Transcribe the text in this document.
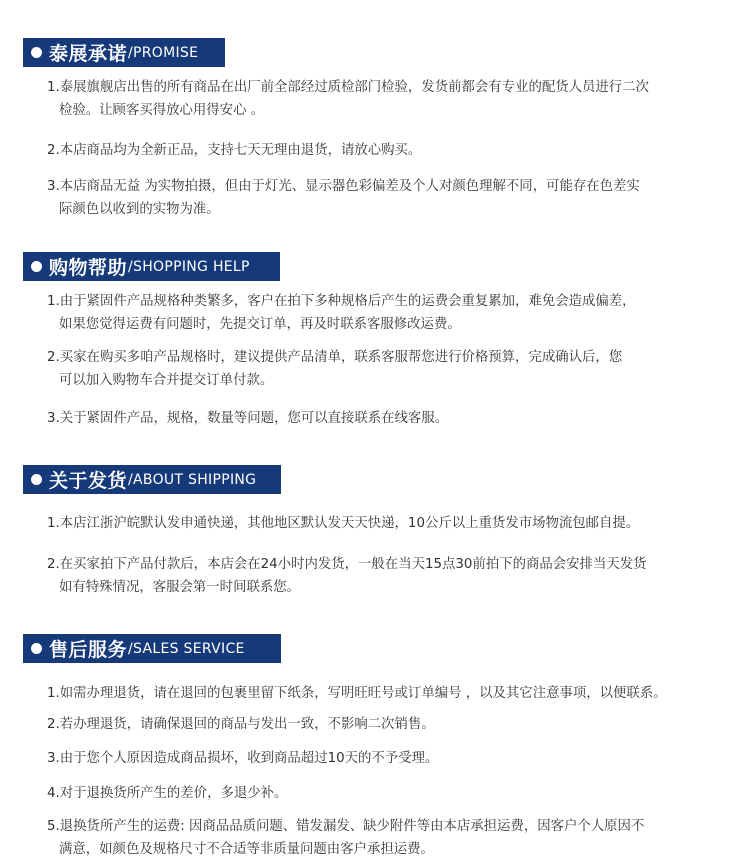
泰展承诺 /PROMISE
1.泰展旗舰店出售的所有商品在出厂前全部经过质检部门检验，发货前都会有专业的配货人员进行二次
检验。让顾客买得放心用得安心 。
2.本店商品均为全新正品，支持七天无理由退货，请放心购买。
3.本店商品无益 为实物拍摄，但由于灯光、显示器色彩偏差及个人对颜色理解不同，可能存在色差实
际颜色以收到的实物为准。
购物帮助 /SHOPPING HELP
1.由于紧固件产品规格种类繁多，客户在拍下多种规格后产生的运费会重复累加，难免会造成偏差，
如果您觉得运费有问题时，先提交订单，再及时联系客服修改运费。
2.买家在购买多咱产品规格时，建议提供产品清单，联系客服帮您进行价格预算，完成确认后，您
可以加入购物车合并提交订单付款。
3.关于紧固件产品，规格，数量等问题，您可以直接联系在线客服。
关于发货 /ABOUT SHIPPING
1.本店江浙沪皖默认发申通快递，其他地区默认发天天快递，10公斤以上重货发市场物流包邮自提。
2.在买家拍下产品付款后，本店会在24小时内发货，一般在当天15点30前拍下的商品会安排当天发货
如有特殊情况，客服会第一时间联系您。
售后服务 /SALES SERVICE
1.如需办理退货，请在退回的包裹里留下纸条，写明旺旺号或订单编号 ，以及其它注意事项，以便联系。
2.若办理退货，请确保退回的商品与发出一致，不影响二次销售。
3.由于您个人原因造成商品损坏，收到商品超过10天的不予受理。
4.对于退换货所产生的差价，多退少补。
5.退换货所产生的运费: 因商品品质问题、错发漏发、缺少附件等由本店承担运费，因客户个人原因不
满意，如颜色及规格尺寸不合适等非质量问题由客户承担运费。
